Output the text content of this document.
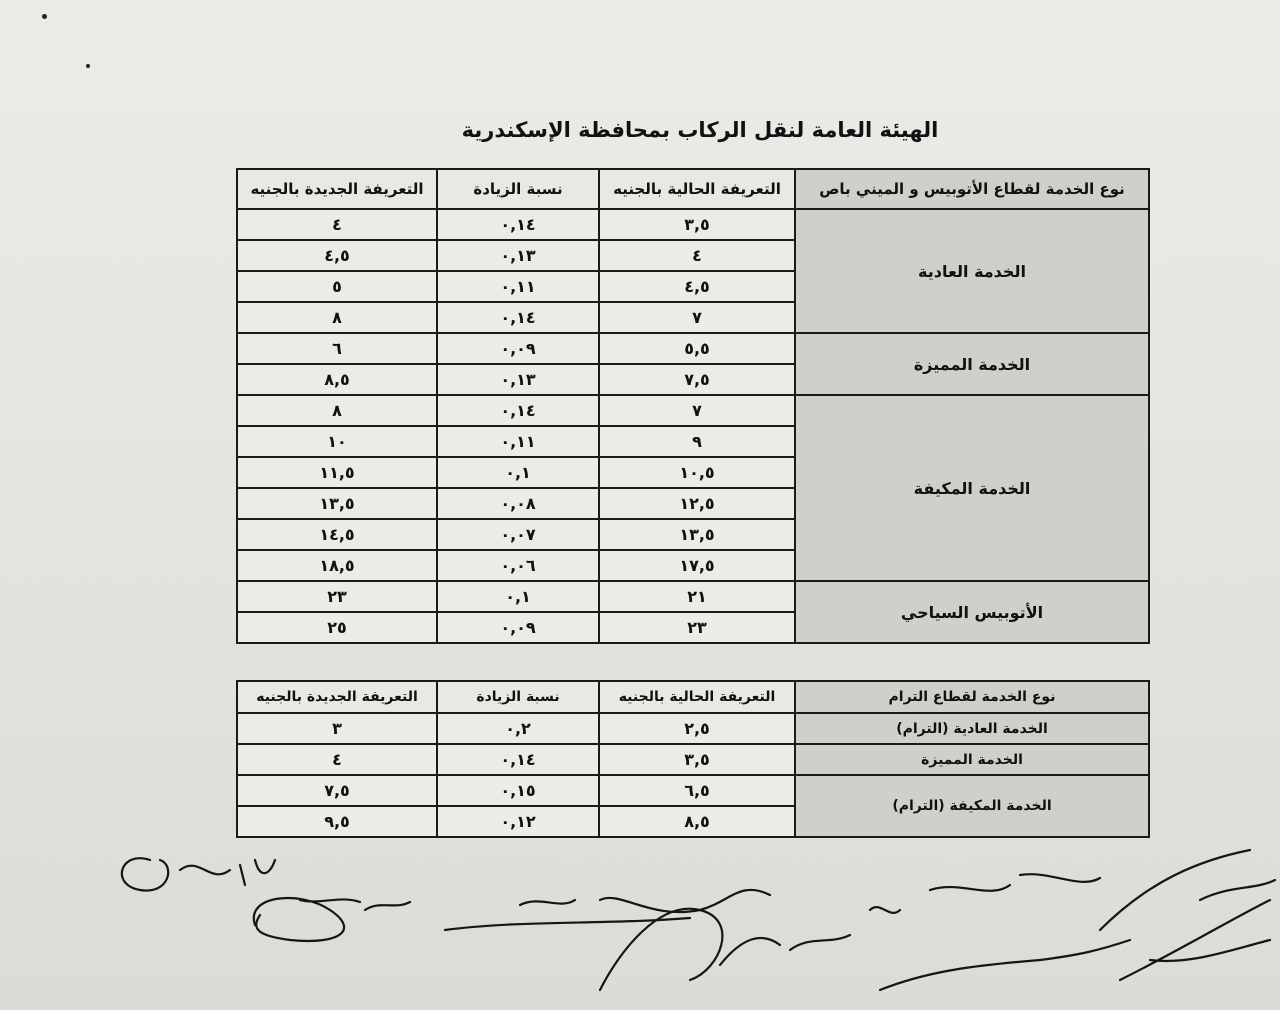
الهيئة العامة لنقل الركاب بمحافظة الإسكندرية
نوع الخدمة لقطاع الأتوبيس و الميني باص	التعريفة الحالية بالجنيه	نسبة الزيادة	التعريفة الجديدة بالجنيه
الخدمة العادية	٣,٥	٠,١٤	٤
	٤	٠,١٣	٤,٥
	٤,٥	٠,١١	٥
	٧	٠,١٤	٨
الخدمة المميزة	٥,٥	٠,٠٩	٦
	٧,٥	٠,١٣	٨,٥
الخدمة المكيفة	٧	٠,١٤	٨
	٩	٠,١١	١٠
	١٠,٥	٠,١	١١,٥
	١٢,٥	٠,٠٨	١٣,٥
	١٣,٥	٠,٠٧	١٤,٥
	١٧,٥	٠,٠٦	١٨,٥
الأتوبيس السياحي	٢١	٠,١	٢٣
	٢٣	٠,٠٩	٢٥
نوع الخدمة لقطاع الترام	التعريفة الحالية بالجنيه	نسبة الزيادة	التعريفة الجديدة بالجنيه
الخدمة العادية (الترام)	٢,٥	٠,٢	٣
الخدمة المميزة	٣,٥	٠,١٤	٤
الخدمة المكيفة (الترام)	٦,٥	٠,١٥	٧,٥
	٨,٥	٠,١٢	٩,٥
